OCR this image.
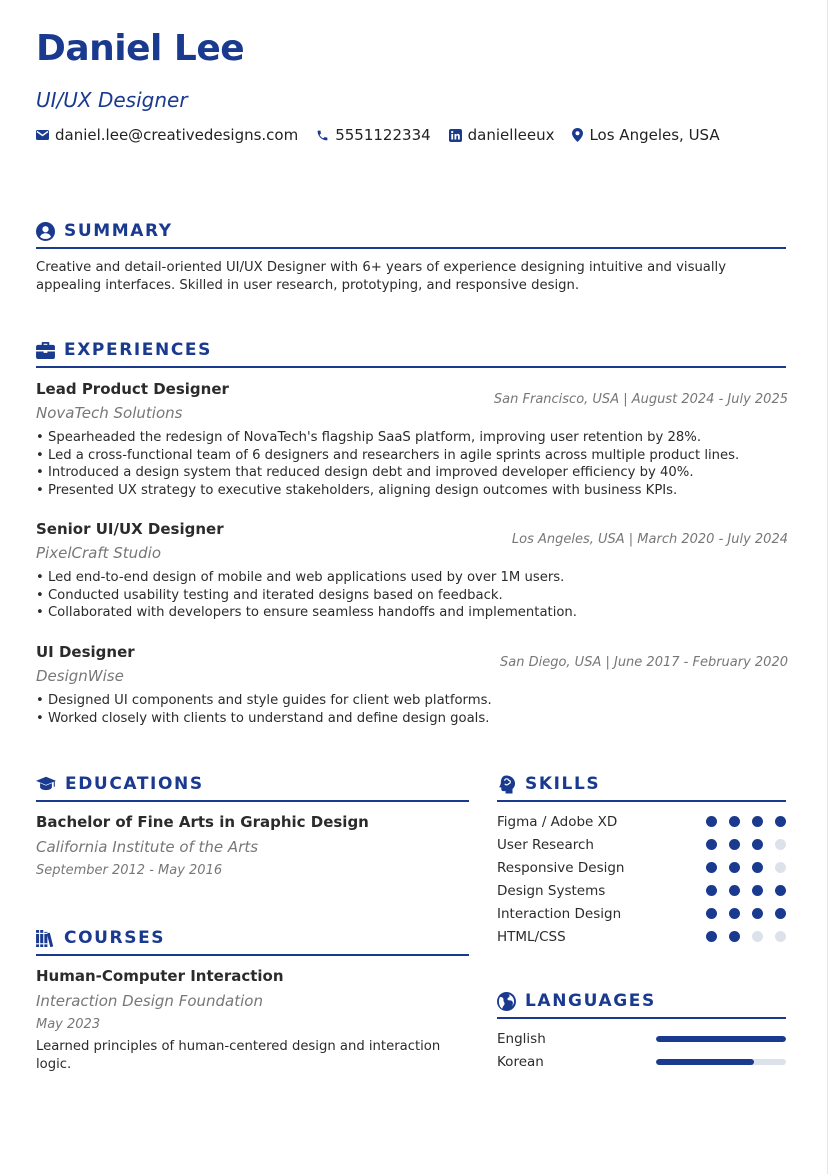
Daniel Lee
UI/UX Designer
daniel.lee@creativedesigns.com 5551122334 danielleeux Los Angeles, USA
SUMMARY
Creative and detail-oriented UI/UX Designer with 6+ years of experience designing intuitive and visually appealing interfaces. Skilled in user research, prototyping, and responsive design.
EXPERIENCES
Lead Product Designer
NovaTech Solutions
San Francisco, USA | August 2024 - July 2025
• Spearheaded the redesign of NovaTech's flagship SaaS platform, improving user retention by 28%.
• Led a cross-functional team of 6 designers and researchers in agile sprints across multiple product lines.
• Introduced a design system that reduced design debt and improved developer efficiency by 40%.
• Presented UX strategy to executive stakeholders, aligning design outcomes with business KPIs.
Senior UI/UX Designer
PixelCraft Studio
Los Angeles, USA | March 2020 - July 2024
• Led end-to-end design of mobile and web applications used by over 1M users.
• Conducted usability testing and iterated designs based on feedback.
• Collaborated with developers to ensure seamless handoffs and implementation.
UI Designer
DesignWise
San Diego, USA | June 2017 - February 2020
• Designed UI components and style guides for client web platforms.
• Worked closely with clients to understand and define design goals.
EDUCATIONS
Bachelor of Fine Arts in Graphic Design
California Institute of the Arts
September 2012 - May 2016
COURSES
Human-Computer Interaction
Interaction Design Foundation
May 2023
Learned principles of human-centered design and interaction logic.
SKILLS
Figma / Adobe XD
User Research
Responsive Design
Design Systems
Interaction Design
HTML/CSS
LANGUAGES
English
Korean
